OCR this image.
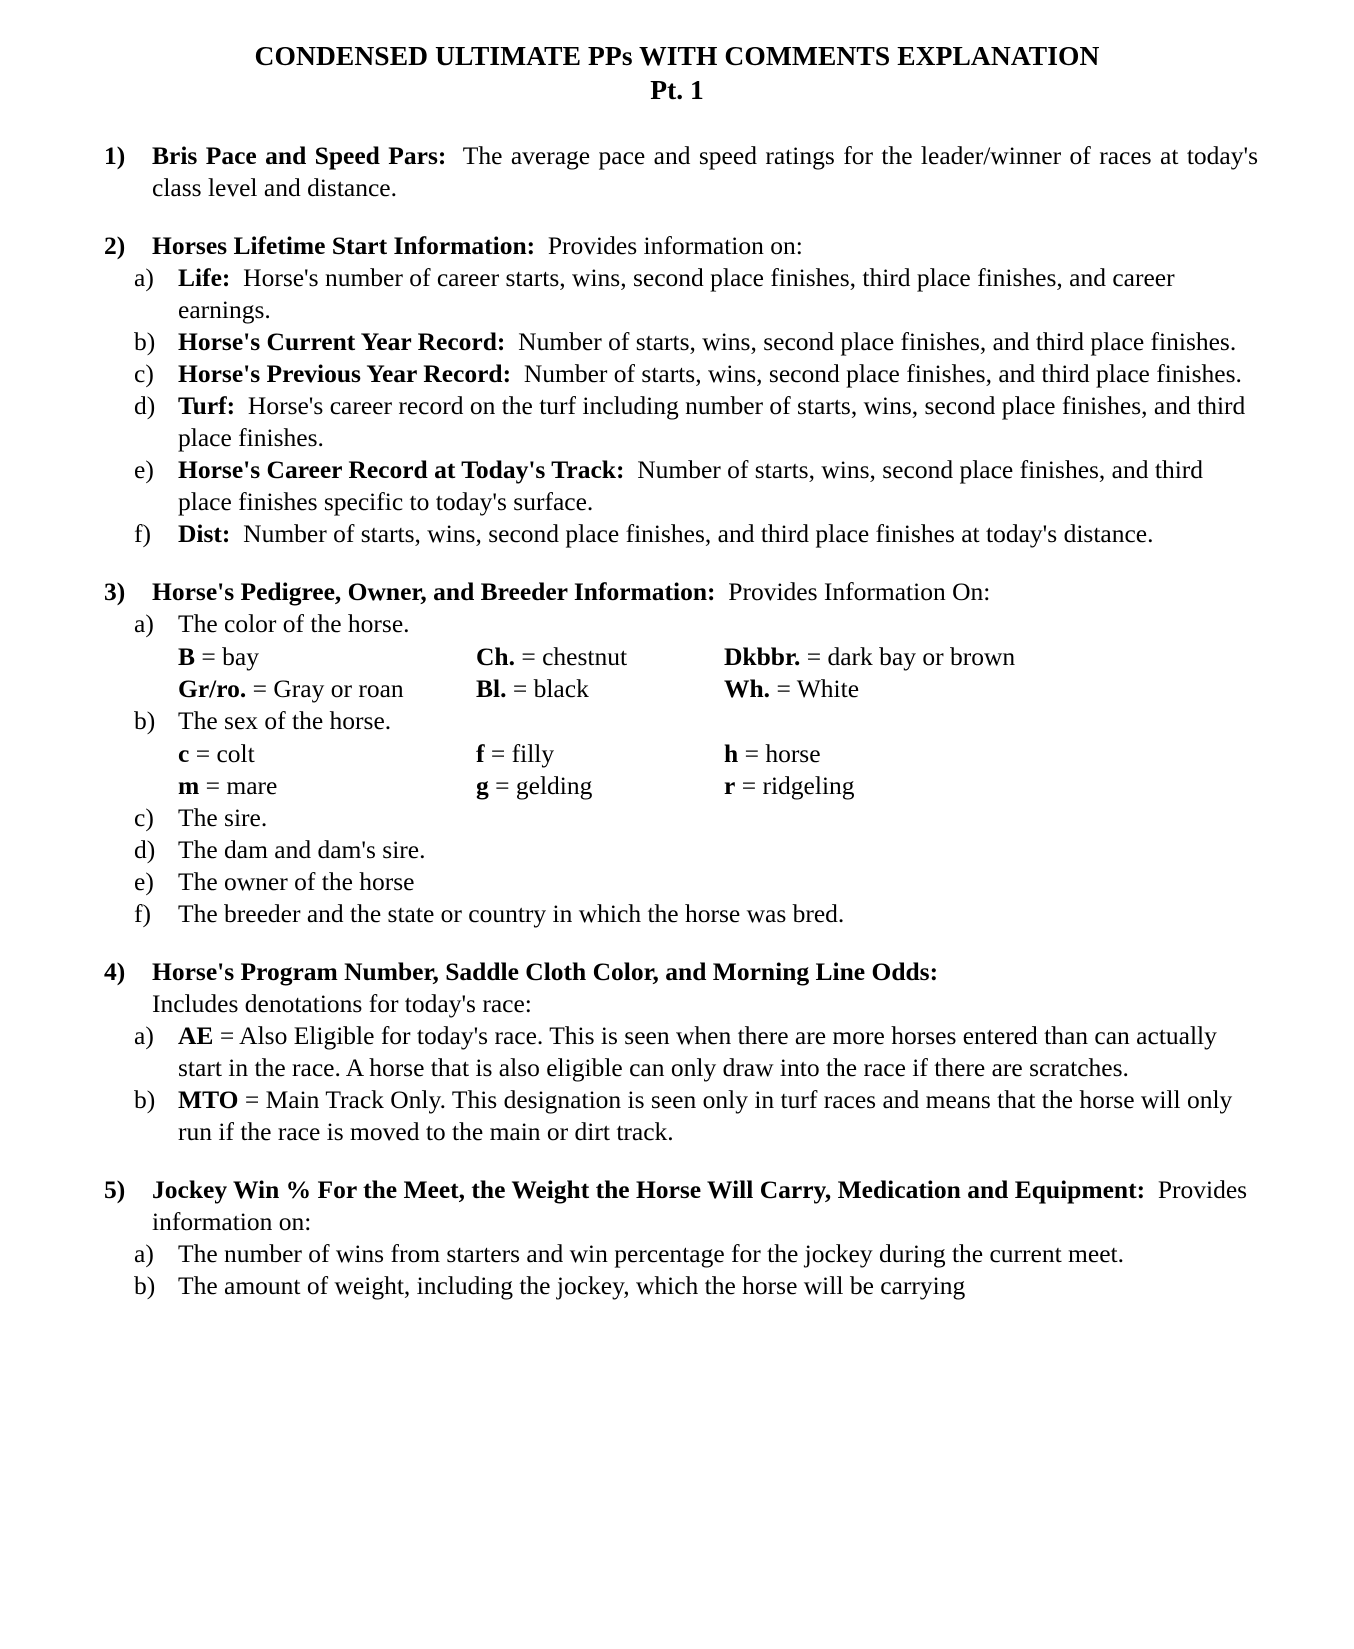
CONDENSED ULTIMATE PPs WITH COMMENTS EXPLANATION
Pt. 1
1)	Bris Pace and Speed Pars: The average pace and speed ratings for the leader/winner of races at today's class level and distance.
2)	Horses Lifetime Start Information: Provides information on:
a) Life: Horse's number of career starts, wins, second place finishes, third place finishes, and career earnings.
b) Horse's Current Year Record: Number of starts, wins, second place finishes, and third place finishes.
c) Horse's Previous Year Record: Number of starts, wins, second place finishes, and third place finishes.
d) Turf: Horse's career record on the turf including number of starts, wins, second place finishes, and third place finishes.
e) Horse's Career Record at Today's Track: Number of starts, wins, second place finishes, and third place finishes specific to today's surface.
f)	Dist: Number of starts, wins, second place finishes, and third place finishes at today's distance.
3)	Horse's Pedigree, Owner, and Breeder Information: Provides Information On:
a) The color of the horse.
B = bay	Ch. = chestnut	Dkbbr. = dark bay or brown
Gr/ro. = Gray or roan	Bl. = black	Wh. = White
b) The sex of the horse.
c = colt	f = filly	h = horse
m = mare	g = gelding	r = ridgeling
c) The sire.
d) The dam and dam's sire.
e) The owner of the horse
f)	The breeder and the state or country in which the horse was bred.
4)	Horse's Program Number, Saddle Cloth Color, and Morning Line Odds:
Includes denotations for today's race:
a) AE = Also Eligible for today's race. This is seen when there are more horses entered than can actually start in the race. A horse that is also eligible can only draw into the race if there are scratches.
b) MTO = Main Track Only. This designation is seen only in turf races and means that the horse will only run if the race is moved to the main or dirt track.
5)	Jockey Win % For the Meet, the Weight the Horse Will Carry, Medication and Equipment: Provides information on:
a) The number of wins from starters and win percentage for the jockey during the current meet.
b) The amount of weight, including the jockey, which the horse will be carrying
